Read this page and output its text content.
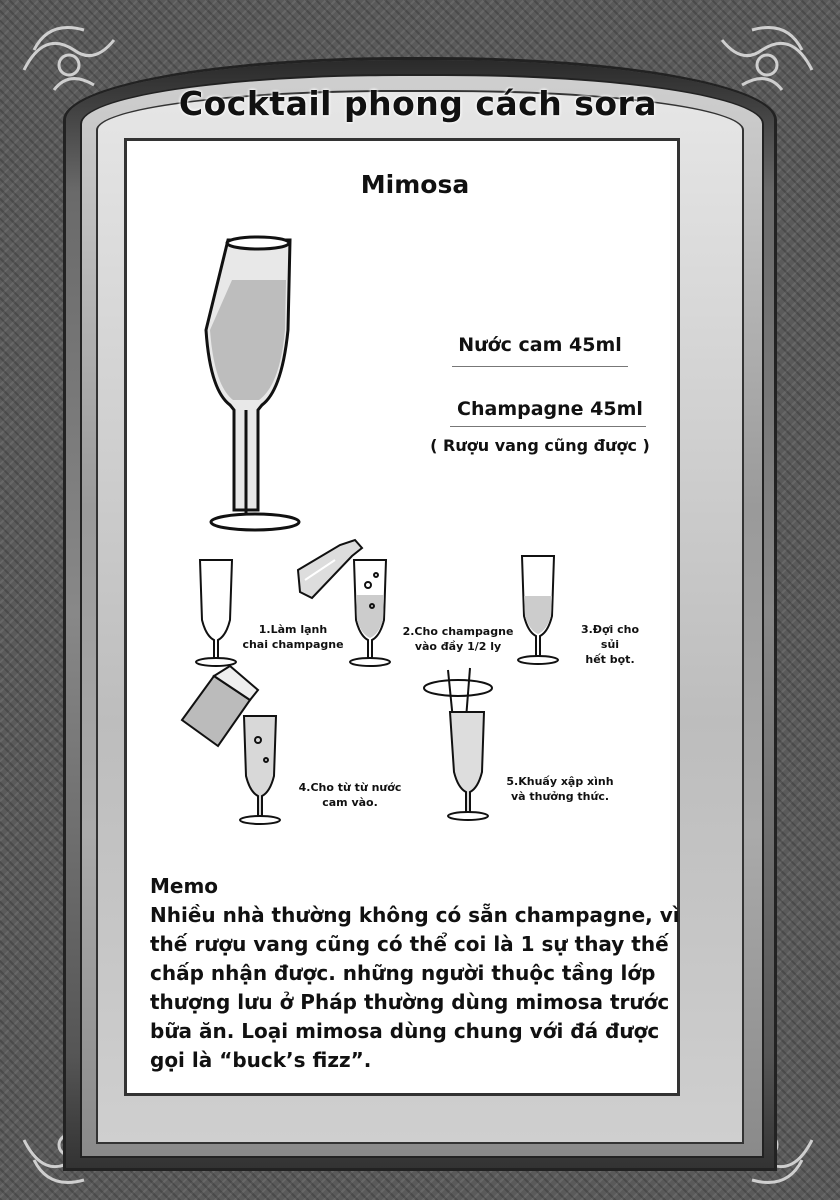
Cocktail phong cách sora
Mimosa
Nước cam 45ml
Champagne 45ml
( Rượu vang cũng được )
1.Làm lạnh
chai champagne
2.Cho champagne
vào đầy 1/2 ly
3.Đợi cho sủi
hết bọt.
4.Cho từ từ nước
cam vào.
5.Khuấy xập xình
và thưởng thức.
Memo

Nhiều nhà thường không có sẵn champagne, vì thế rượu vang cũng có thể coi là 1 sự thay thế chấp nhận được. những người thuộc tầng lớp thượng lưu ở Pháp thường dùng mimosa trước bữa ăn. Loại mimosa dùng chung với đá được gọi là “buck’s fizz”.
